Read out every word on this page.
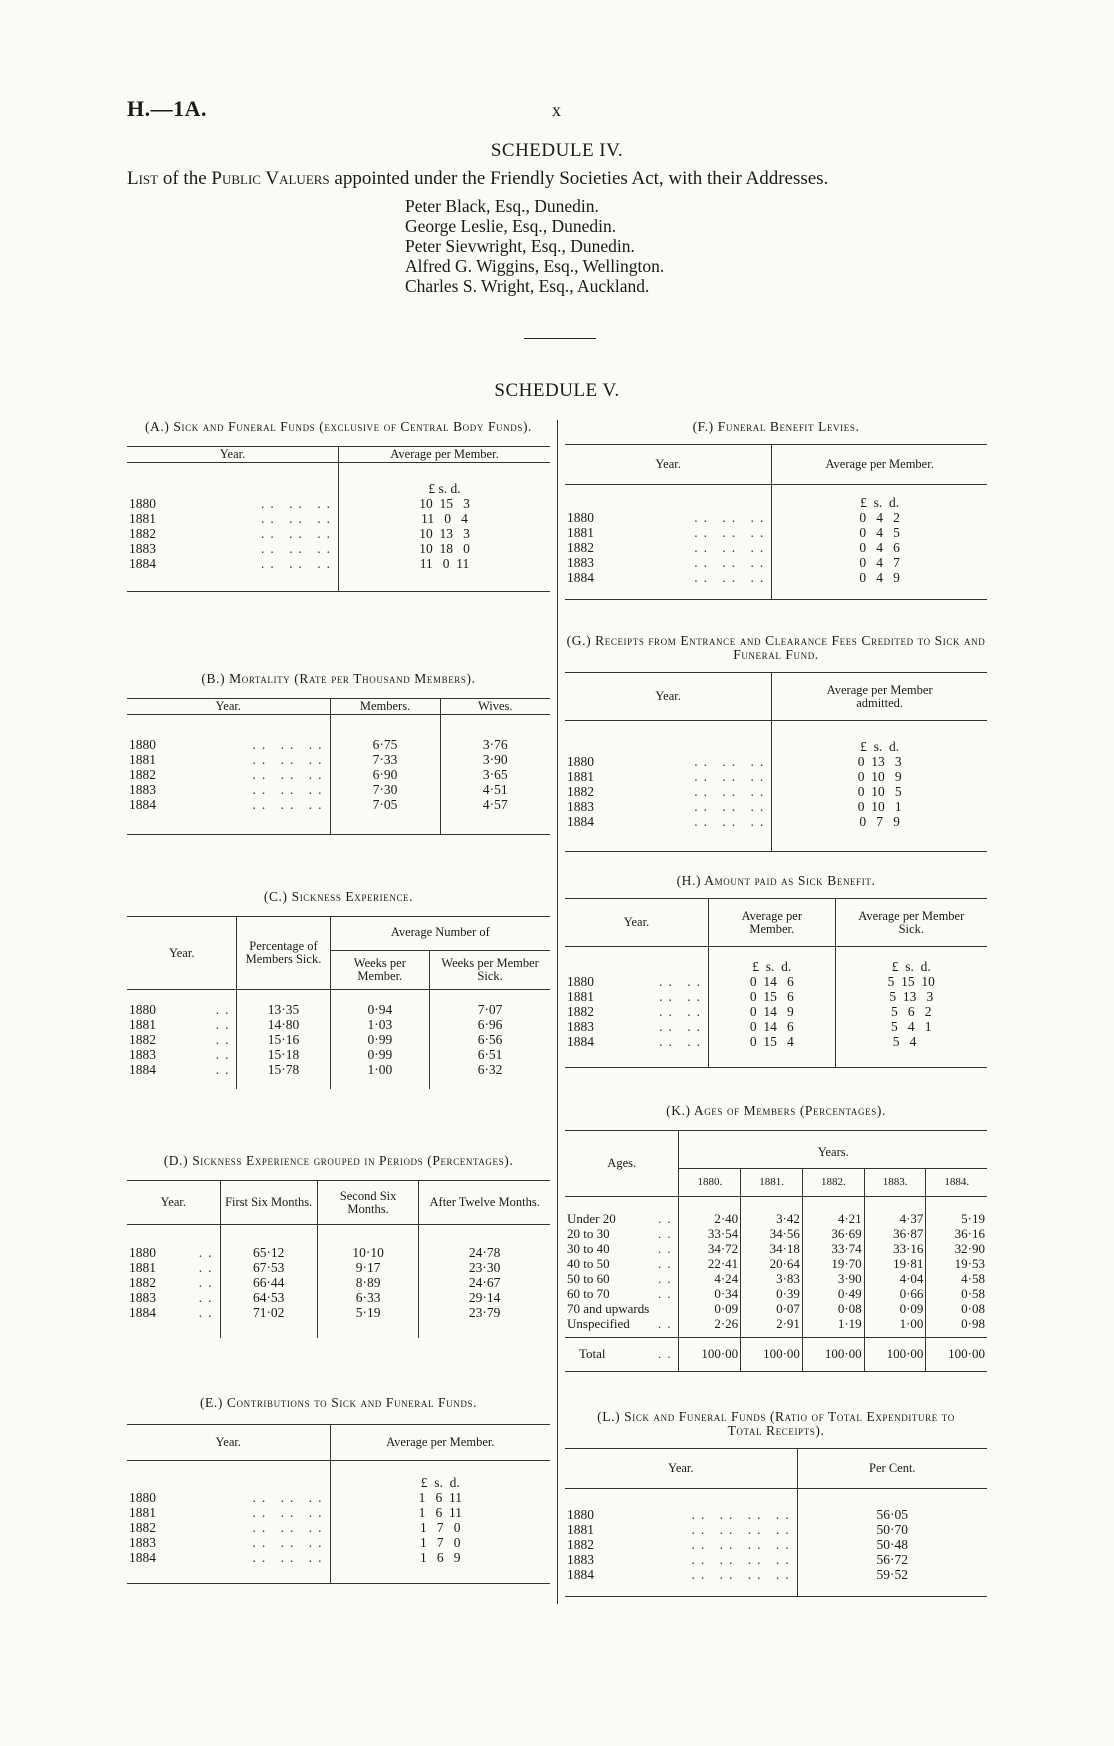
H.—1A.	x
SCHEDULE IV.
List of the Public Valuers appointed under the Friendly Societies Act, with their Addresses.
Peter Black, Esq., Dunedin.
George Leslie, Esq., Dunedin.
Peter Sievwright, Esq., Dunedin.
Alfred G. Wiggins, Esq., Wellington.
Charles S. Wright, Esq., Auckland.
SCHEDULE V.
(A.) Sick and Funeral Funds (exclusive of Central Body Funds).
Year.	Average per Member.
	£ s. d.
1880 .. .. ..	10  15   3
1881 .. .. ..	11   0   4
1882 .. .. ..	10  13   3
1883 .. .. ..	10  18   0
1884 .. .. ..	11   0  11
(B.) Mortality (Rate per Thousand Members).
Year.	Members.	Wives.
1880 .. .. ..	6·75	3·76
1881 .. .. ..	7·33	3·90
1882 .. .. ..	6·90	3·65
1883 .. .. ..	7·30	4·51
1884 .. .. ..	7·05	4·57
(C.) Sickness Experience.
Year.	Percentage of Members Sick.	Average Number of	
		Weeks per Member.	Weeks per Member Sick.
1880 ..	13·35	0·94	7·07
1881 ..	14·80	1·03	6·96
1882 ..	15·16	0·99	6·56
1883 ..	15·18	0·99	6·51
1884 ..	15·78	1·00	6·32
(D.) Sickness Experience grouped in Periods (Percentages).
Year.	First Six Months.	Second Six Months.	After Twelve Months.
1880 ..	65·12	10·10	24·78
1881 ..	67·53	9·17	23·30
1882 ..	66·44	8·89	24·67
1883 ..	64·53	6·33	29·14
1884 ..	71·02	5·19	23·79
(E.) Contributions to Sick and Funeral Funds.
Year.	Average per Member.
	£  s.  d.
1880 .. .. ..	1   6  11
1881 .. .. ..	1   6  11
1882 .. .. ..	1   7   0
1883 .. .. ..	1   7   0
1884 .. .. ..	1   6   9
(F.) Funeral Benefit Levies.
Year.	Average per Member.
	£  s.  d.
1880 .. .. ..	0   4   2
1881 .. .. ..	0   4   5
1882 .. .. ..	0   4   6
1883 .. .. ..	0   4   7
1884 .. .. ..	0   4   9
(G.) Receipts from Entrance and Clearance Fees Credited to Sick and Funeral Fund.
Year.	Average per Member admitted.
	£  s.  d.
1880 .. .. ..	0  13   3
1881 .. .. ..	0  10   9
1882 .. .. ..	0  10   5
1883 .. .. ..	0  10   1
1884 .. .. ..	0   7   9
(H.) Amount paid as Sick Benefit.
Year.	Average per Member.	Average per Member Sick.
	£  s.  d.	£  s.  d.
1880 .. ..	0  14   6	5  15  10
1881 .. ..	0  15   6	5  13   3
1882 .. ..	0  14   9	5   6   2
1883 .. ..	0  14   6	5   4   1
1884 .. ..	0  15   4	5   4
(K.) Ages of Members (Percentages).
Ages.	Years.				
	1880.	1881.	1882.	1883.	1884.
Under 20 ..	2·40	3·42	4·21	4·37	5·19
20 to 30 ..	33·54	34·56	36·69	36·87	36·16
30 to 40 ..	34·72	34·18	33·74	33·16	32·90
40 to 50 ..	22·41	20·64	19·70	19·81	19·53
50 to 60 ..	4·24	3·83	3·90	4·04	4·58
60 to 70 ..	0·34	0·39	0·49	0·66	0·58
70 and upwards	0·09	0·07	0·08	0·09	0·08
Unspecified ..	2·26	2·91	1·19	1·00	0·98
Total ..	100·00	100·00	100·00	100·00	100·00
(L.) Sick and Funeral Funds (Ratio of Total Expenditure to Total Receipts).
Year.	Per Cent.
1880 .. .. .. ..	56·05
1881 .. .. .. ..	50·70
1882 .. .. .. ..	50·48
1883 .. .. .. ..	56·72
1884 .. .. .. ..	59·52
